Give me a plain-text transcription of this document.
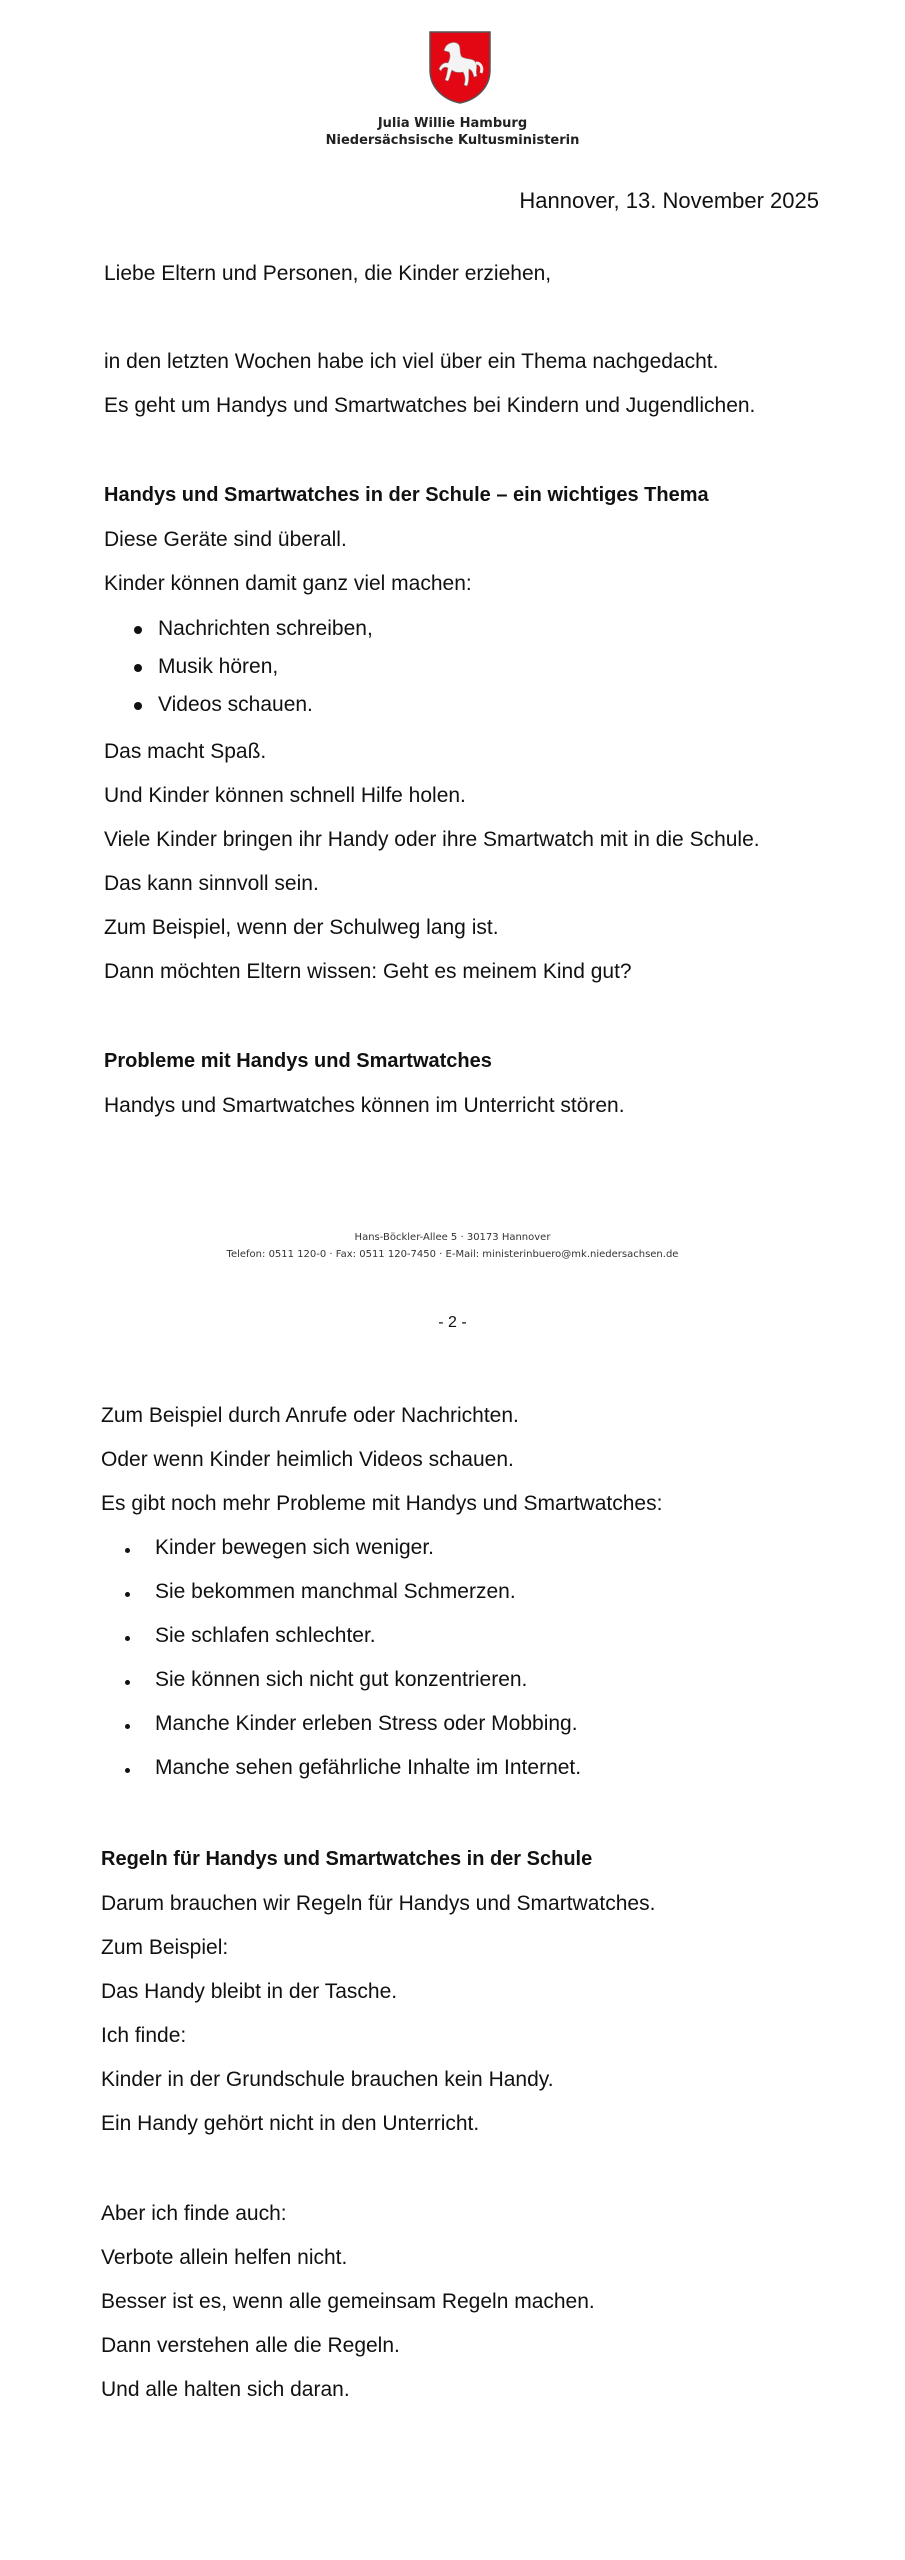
Julia Willie Hamburg
Niedersächsische Kultusministerin
Hannover, 13. November 2025
Liebe Eltern und Personen, die Kinder erziehen,
in den letzten Wochen habe ich viel über ein Thema nachgedacht.
Es geht um Handys und Smartwatches bei Kindern und Jugendlichen.
Handys und Smartwatches in der Schule – ein wichtiges Thema
Diese Geräte sind überall.
Kinder können damit ganz viel machen:
Nachrichten schreiben,
Musik hören,
Videos schauen.
Das macht Spaß.
Und Kinder können schnell Hilfe holen.
Viele Kinder bringen ihr Handy oder ihre Smartwatch mit in die Schule.
Das kann sinnvoll sein.
Zum Beispiel, wenn der Schulweg lang ist.
Dann möchten Eltern wissen: Geht es meinem Kind gut?
Probleme mit Handys und Smartwatches
Handys und Smartwatches können im Unterricht stören.
Hans-Böckler-Allee 5 · 30173 Hannover
Telefon: 0511 120-0 · Fax: 0511 120-7450 · E-Mail: ministerinbuero@mk.niedersachsen.de
- 2 -
Zum Beispiel durch Anrufe oder Nachrichten.
Oder wenn Kinder heimlich Videos schauen.
Es gibt noch mehr Probleme mit Handys und Smartwatches:
Kinder bewegen sich weniger.
Sie bekommen manchmal Schmerzen.
Sie schlafen schlechter.
Sie können sich nicht gut konzentrieren.
Manche Kinder erleben Stress oder Mobbing.
Manche sehen gefährliche Inhalte im Internet.
Regeln für Handys und Smartwatches in der Schule
Darum brauchen wir Regeln für Handys und Smartwatches.
Zum Beispiel:
Das Handy bleibt in der Tasche.
Ich finde:
Kinder in der Grundschule brauchen kein Handy.
Ein Handy gehört nicht in den Unterricht.
Aber ich finde auch:
Verbote allein helfen nicht.
Besser ist es, wenn alle gemeinsam Regeln machen.
Dann verstehen alle die Regeln.
Und alle halten sich daran.
